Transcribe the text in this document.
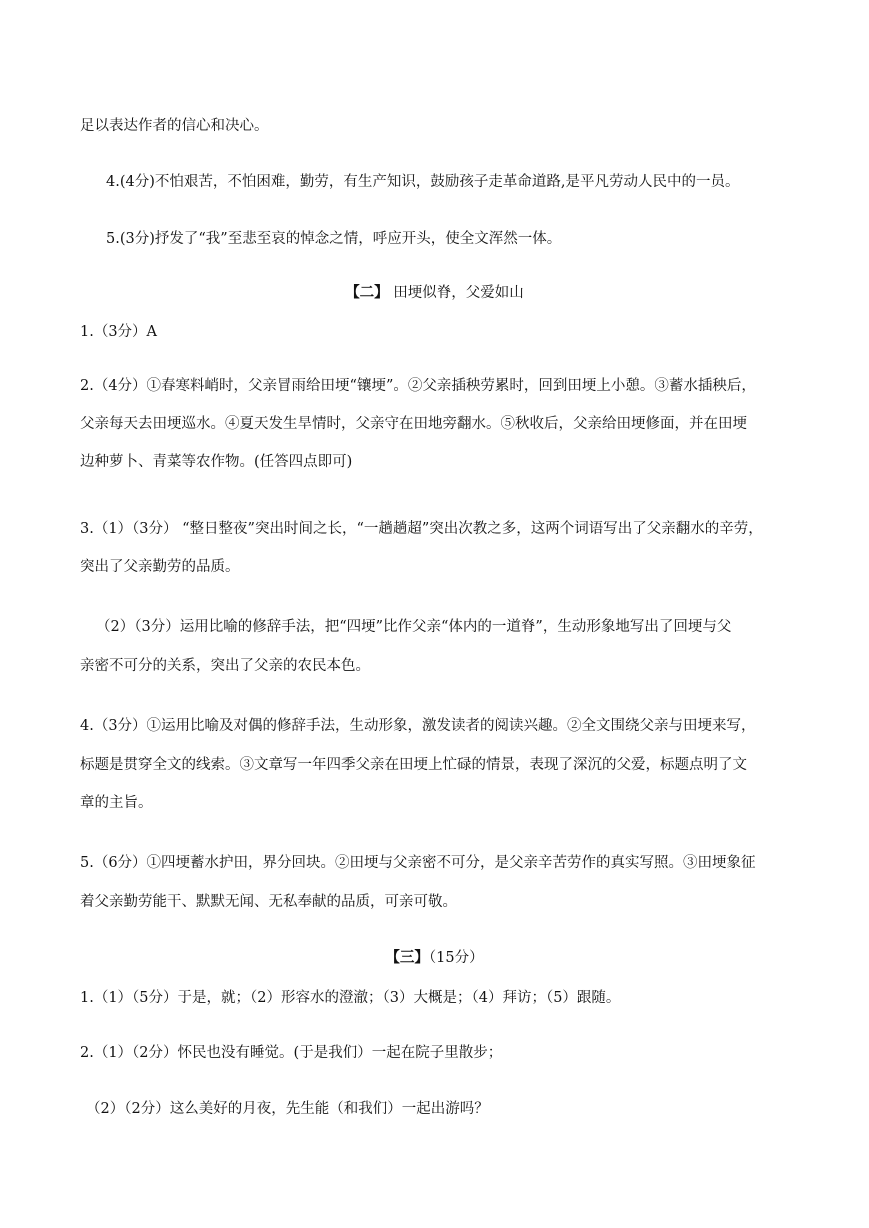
足以表达作者的信心和决心。
4.(4分)不怕艰苦，不怕困难，勤劳，有生产知识，鼓励孩子走革命道路,是平凡劳动人民中的一员。
5.(3分)抒发了“我”至悲至哀的悼念之情，呼应开头，使全文浑然一体。
【二】 田埂似脊，父爱如山
1.（3分）A
2.（4分）①春寒料峭时，父亲冒雨给田埂“镶埂”。②父亲插秧劳累时，回到田埂上小憩。③蓄水插秧后，
父亲每天去田埂巡水。④夏天发生旱情时，父亲守在田地旁翻水。⑤秋收后，父亲给田埂修面，并在田埂
边种萝卜、青菜等农作物。(任答四点即可)
3.（1）（3分） “整日整夜”突出时间之长，“一趟趟超”突出次教之多，这两个词语写出了父亲翻水的辛劳，
突出了父亲勤劳的品质。
（2）（3分）运用比喻的修辞手法，把“四埂”比作父亲“体内的一道脊”，生动形象地写出了回埂与父
亲密不可分的关系，突出了父亲的农民本色。
4.（3分）①运用比喻及对偶的修辞手法，生动形象，激发读者的阅读兴趣。②全文围绕父亲与田埂来写，
标题是贯穿全文的线索。③文章写一年四季父亲在田埂上忙碌的情景，表现了深沉的父爱，标题点明了文
章的主旨。
5.（6分）①四埂蓄水护田，界分回块。②田埂与父亲密不可分，是父亲辛苦劳作的真实写照。③田埂象征
着父亲勤劳能干、默默无闻、无私奉献的品质，可亲可敬。
【三】（15分）
1.（1）（5分）于是，就；（2）形容水的澄澈；（3）大概是；（4）拜访；（5）跟随。
2.（1）（2分）怀民也没有睡觉。(于是我们）一起在院子里散步；
（2）（2分）这么美好的月夜，先生能（和我们）一起出游吗？
